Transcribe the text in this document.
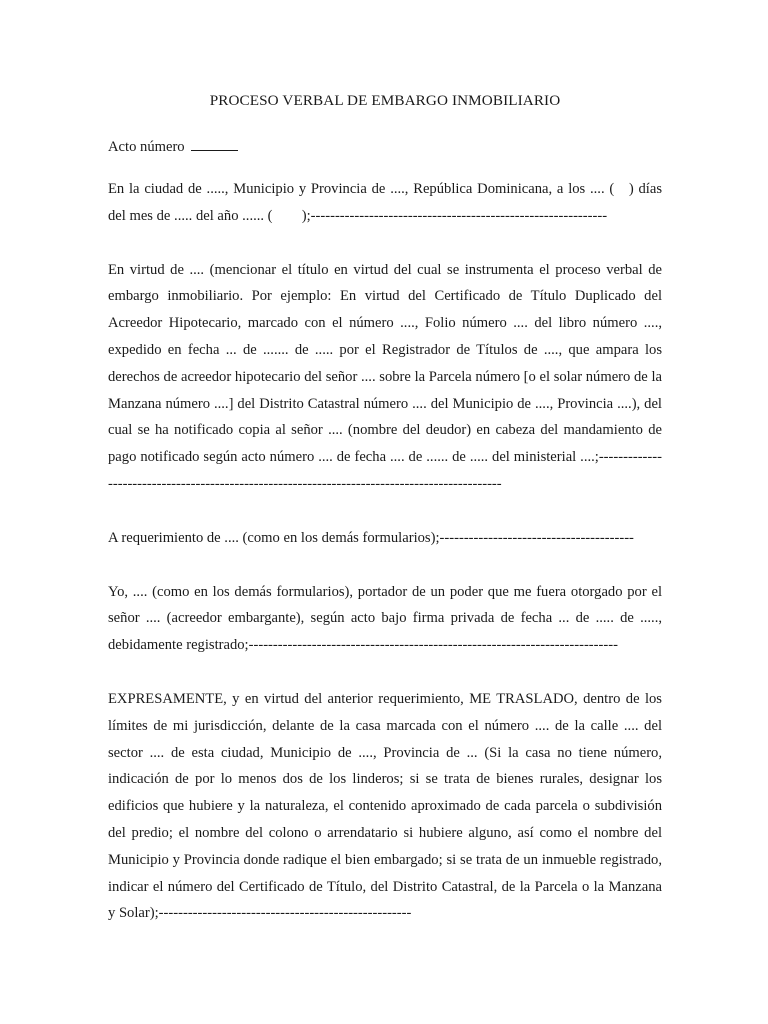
PROCESO VERBAL DE EMBARGO INMOBILIARIO
Acto número

En la ciudad de ....., Municipio y Provincia de ...., República Dominicana, a los .... ( ) días del mes de ..... del año ...... (  );-------------------------------------------------------------

En virtud de .... (mencionar el título en virtud del cual se instrumenta el proceso verbal de embargo inmobiliario. Por ejemplo: En virtud del Certificado de Título Duplicado del Acreedor Hipotecario, marcado con el número ...., Folio número .... del libro número ...., expedido en fecha ... de ....... de ..... por el Registrador de Títulos de ...., que ampara los derechos de acreedor hipotecario del señor .... sobre la Parcela número [o el solar número de la Manzana número ....] del Distrito Catastral número .... del Municipio de ...., Provincia ....), del cual se ha notificado copia al señor .... (nombre del deudor) en cabeza del mandamiento de pago notificado según acto número .... de fecha .... de ...... de ..... del ministerial ....;----------------------------------------------------------------------------------------------

A requerimiento de .... (como en los demás formularios);----------------------------------------

Yo, .... (como en los demás formularios), portador de un poder que me fuera otorgado por el señor .... (acreedor embargante), según acto bajo firma privada de fecha ... de ..... de ....., debidamente registrado;----------------------------------------------------------------------------

EXPRESAMENTE, y en virtud del anterior requerimiento, ME TRASLADO, dentro de los límites de mi jurisdicción, delante de la casa marcada con el número .... de la calle .... del sector .... de esta ciudad, Municipio de ...., Provincia de ... (Si la casa no tiene número, indicación de por lo menos dos de los linderos; si se trata de bienes rurales, designar los edificios que hubiere y la naturaleza, el contenido aproximado de cada parcela o subdivisión del predio; el nombre del colono o arrendatario si hubiere alguno, así como el nombre del Municipio y Provincia donde radique el bien embargado; si se trata de un inmueble registrado, indicar el número del Certificado de Título, del Distrito Catastral, de la Parcela o la Manzana y Solar);----------------------------------------------------
